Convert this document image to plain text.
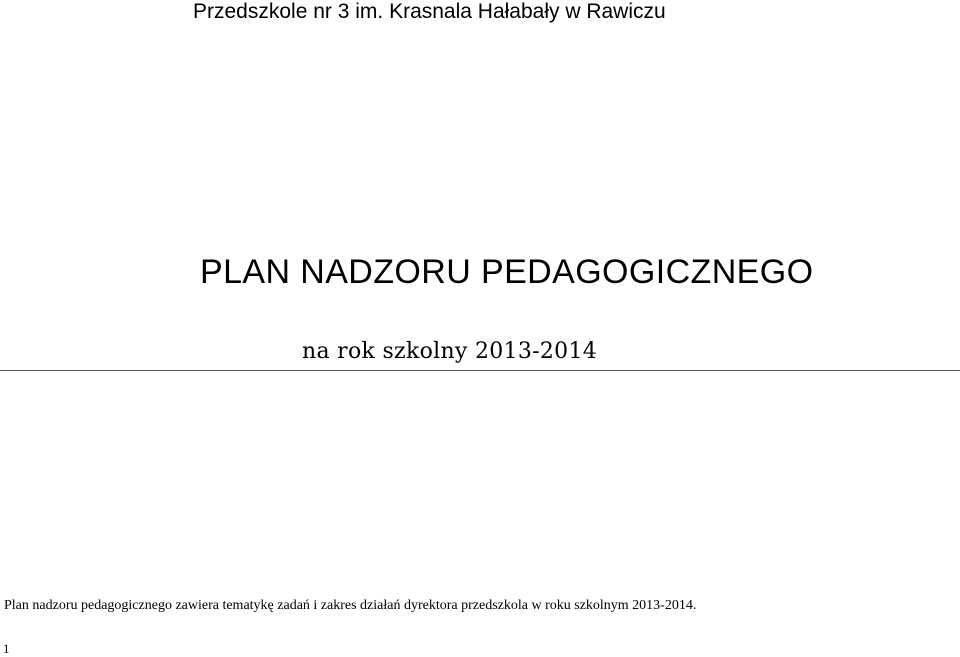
Przedszkole nr 3 im. Krasnala Hałabały w Rawiczu
PLAN NADZORU PEDAGOGICZNEGO
na rok szkolny 2013-2014
Plan nadzoru pedagogicznego zawiera tematykę zadań i zakres działań dyrektora przedszkola w roku szkolnym 2013-2014.
1
